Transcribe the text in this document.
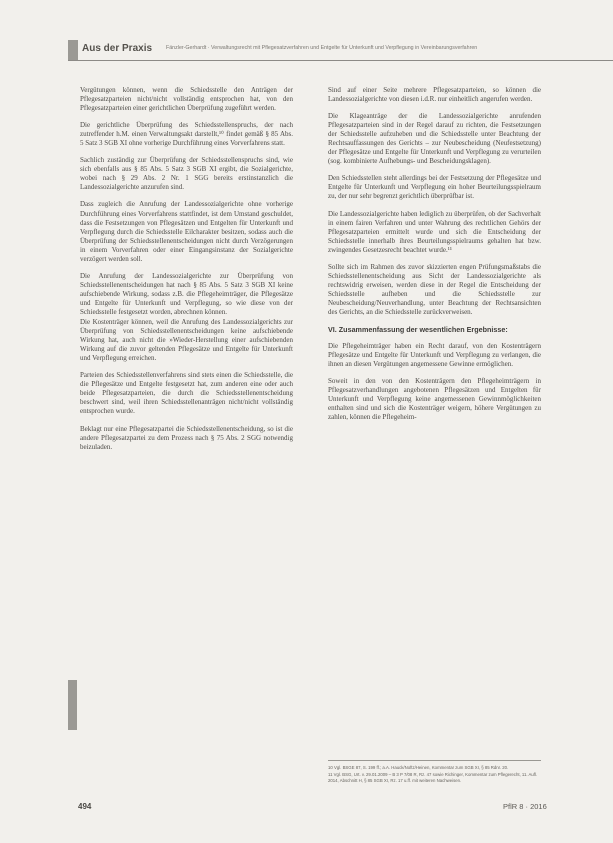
Aus der Praxis	Fänzler-Gerhardt · Verwaltungsrecht mit Pflegesatzverfahren und Entgelte für Unterkunft und Verpflegung in Vereinbarungsverfahren

Vergütungen können, wenn die Schiedsstelle den Anträgen der Pflegesatzparteien nicht/nicht vollständig entsprochen hat, von den Pflegesatzparteien einer gerichtlichen Überprüfung zugeführt werden.

Die gerichtliche Überprüfung des Schiedsstellenspruchs, der nach zutreffender h.M. einen Verwaltungsakt darstellt,¹⁰ findet gemäß § 85 Abs. 5 Satz 3 SGB XI ohne vorherige Durchführung eines Vorverfahrens statt.

Sachlich zuständig zur Überprüfung der Schiedsstellenspruchs sind, wie sich ebenfalls aus § 85 Abs. 5 Satz 3 SGB XI ergibt, die Sozialgerichte, wobei nach § 29 Abs. 2 Nr. 1 SGG bereits erstinstanzlich die Landessozialgerichte anzurufen sind.

Dass zugleich die Anrufung der Landessozialgerichte ohne vorherige Durchführung eines Vorverfahrens stattfindet, ist dem Umstand geschuldet, dass die Festsetzungen von Pflegesätzen und Entgelten für Unterkunft und Verpflegung durch die Schiedsstelle Eilcharakter besitzen, sodass auch die Überprüfung der Schiedsstellenentscheidungen nicht durch Verzögerungen in einem Vorverfahren oder einer Eingangsinstanz der Sozialgerichte verzögert werden soll.

Die Anrufung der Landessozialgerichte zur Überprüfung von Schiedsstellenentscheidungen hat nach § 85 Abs. 5 Satz 3 SGB XI keine aufschiebende Wirkung, sodass z.B. die Pflegeheimträger, die Pflegesätze und Entgelte für Unterkunft und Verpflegung, so wie diese von der Schiedsstelle festgesetzt worden, abrechnen können.

Die Kostenträger können, weil die Anrufung des Landessozialgerichts zur Überprüfung von Schiedsstellenentscheidungen keine aufschiebende Wirkung hat, auch nicht die »Wieder-Herstellung einer aufschiebenden Wirkung auf die zuvor geltenden Pflegesätze und Entgelte für Unterkunft und Verpflegung erreichen.

Parteien des Schiedsstellenverfahrens sind stets einen die Schiedsstelle, die die Pflegesätze und Entgelte festgesetzt hat, zum anderen eine oder auch beide Pflegesatzparteien, die durch die Schiedsstellenentscheidung beschwert sind, weil ihren Schiedsstellenanträgen nicht/nicht vollständig entsprochen wurde.

Beklagt nur eine Pflegesatzpartei die Schiedsstellenentscheidung, so ist die andere Pflegesatzpartei zu dem Prozess nach § 75 Abs. 2 SGG notwendig beizuladen.

Sind auf einer Seite mehrere Pflegesatzparteien, so können die Landessozialgerichte von diesen i.d.R. nur einheitlich angerufen werden.

Die Klageanträge der die Landessozialgerichte anrufenden Pflegesatzparteien sind in der Regel darauf zu richten, die Festsetzungen der Schiedsstelle aufzuheben und die Schiedsstelle unter Beachtung der Rechtsauffassungen des Gerichts – zur Neubescheidung (Neufestsetzung) der Pflegesätze und Entgelte für Unterkunft und Verpflegung zu verurteilen (sog. kombinierte Aufhebungs- und Bescheidungsklagen).

Den Schiedsstellen steht allerdings bei der Festsetzung der Pflegesätze und Entgelte für Unterkunft und Verpflegung ein hoher Beurteilungsspielraum zu, der nur sehr begrenzt gerichtlich überprüfbar ist.

Die Landessozialgerichte haben lediglich zu überprüfen, ob der Sachverhalt in einem fairen Verfahren und unter Wahrung des rechtlichen Gehörs der Pflegesatzparteien ermittelt wurde und sich die Entscheidung der Schiedsstelle innerhalb ihres Beurteilungsspielraums gehalten hat bzw. zwingendes Gesetzesrecht beachtet wurde.¹¹

Sollte sich im Rahmen des zuvor skizzierten engen Prüfungsmaßstabs die Schiedsstellenentscheidung aus Sicht der Landessozialgerichte als rechtswidrig erweisen, werden diese in der Regel die Entscheidung der Schiedsstelle aufheben und die Schiedsstelle zur Neubescheidung/Neuverhandlung, unter Beachtung der Rechtsansichten des Gerichts, an die Schiedsstelle zurückverweisen.

VI. Zusammenfassung der wesentlichen Ergebnisse:

Die Pflegeheimträger haben ein Recht darauf, von den Kostenträgern Pflegesätze und Entgelte für Unterkunft und Verpflegung zu verlangen, die ihnen an diesen Vergütungen angemessene Gewinne ermöglichen.

Soweit in den von den Kostenträgern den Pflegeheimträgern in Pflegesatzverhandlungen angebotenen Pflegesätzen und Entgelten für Unterkunft und Verpflegung keine angemessenen Gewinnmöglichkeiten enthalten sind und sich die Kostenträger weigern, höhere Vergütungen zu zahlen, können die Pflegeheim-

10 Vgl. BSGE 87, S. 199 ff.; a.A. Hauck/Noftz/Heinen, Kommentar zum SGB XI, § 85 Rdnr. 20.
11 Vgl. BSG, Urt. v. 29.01.2009 – B 3 P 7/08 R, Rz. 47 sowie Richinger, Kommentar zum Pflegerecht, 11. Aufl. 2014, Abschnitt H, § 85 SGB XI, Rz. 17 u.ff. mit weiteren Nachweisen.
494	PflR 8 · 2016
